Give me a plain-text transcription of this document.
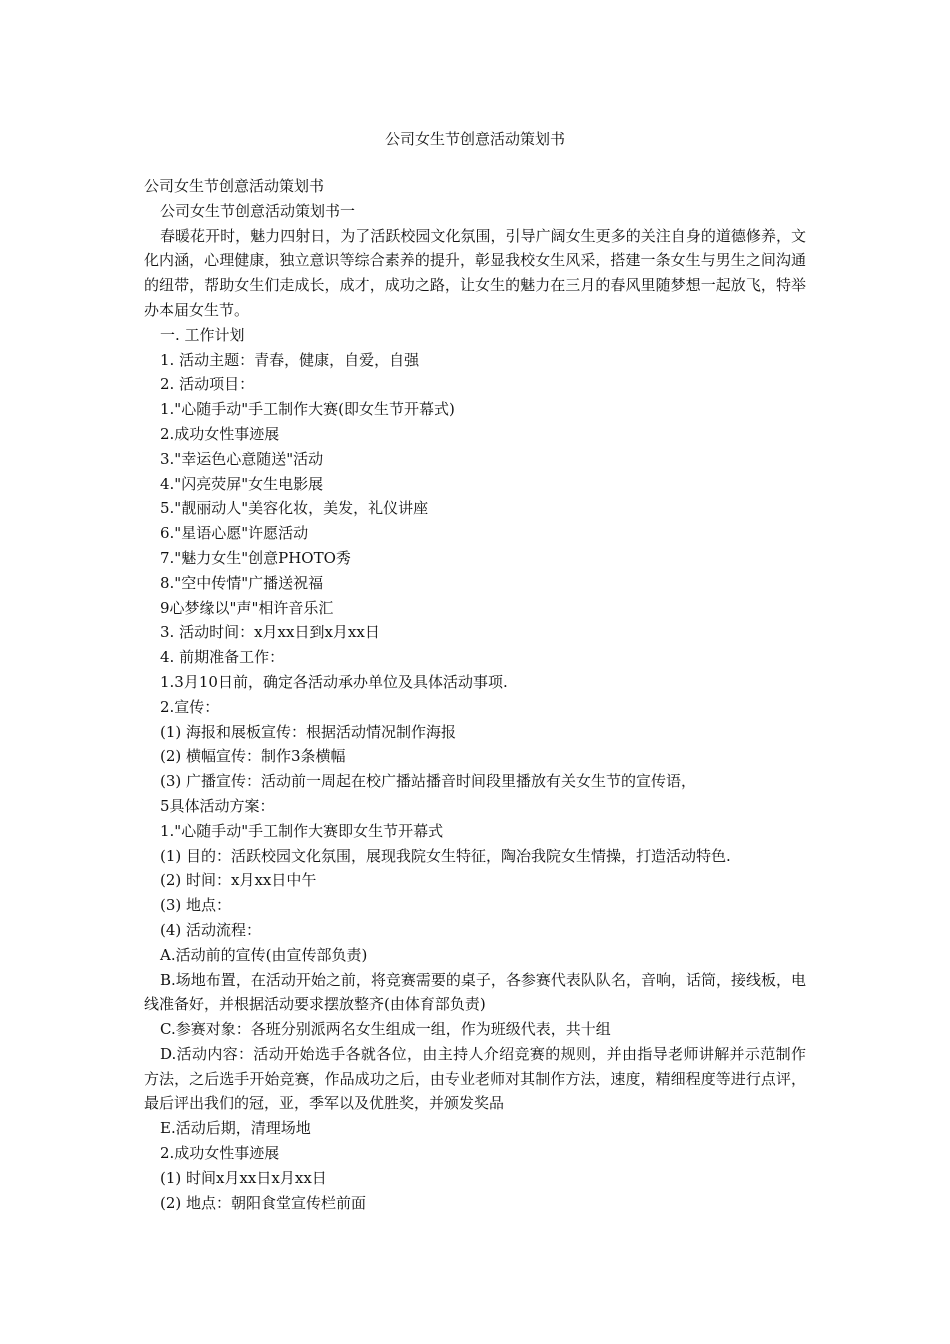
公司女生节创意活动策划书
公司女生节创意活动策划书
公司女生节创意活动策划书一
春暖花开时，魅力四射日，为了活跃校园文化氛围，引导广阔女生更多的关注自身的道德修养，文化内涵，心理健康，独立意识等综合素养的提升，彰显我校女生风采，搭建一条女生与男生之间沟通的纽带，帮助女生们走成长，成才，成功之路，让女生的魅力在三月的春风里随梦想一起放飞，特举办本届女生节。
一. 工作计划
1. 活动主题：青春，健康，自爱，自强
2. 活动项目：
1."心随手动"手工制作大赛(即女生节开幕式)
2.成功女性事迹展
3."幸运色心意随送"活动
4."闪亮荧屏"女生电影展
5."靓丽动人"美容化妆，美发，礼仪讲座
6."星语心愿"许愿活动
7."魅力女生"创意PHOTO秀
8."空中传情"广播送祝福
9心梦缘以"声"相许音乐汇
3. 活动时间：x月xx日到x月xx日
4. 前期准备工作：
1.3月10日前，确定各活动承办单位及具体活动事项.
2.宣传：
(1) 海报和展板宣传：根据活动情况制作海报
(2) 横幅宣传：制作3条横幅
(3) 广播宣传：活动前一周起在校广播站播音时间段里播放有关女生节的宣传语，
5具体活动方案：
1."心随手动"手工制作大赛即女生节开幕式
(1) 目的：活跃校园文化氛围，展现我院女生特征，陶冶我院女生情操，打造活动特色.
(2) 时间：x月xx日中午
(3) 地点：
(4) 活动流程：
A.活动前的宣传(由宣传部负责)
B.场地布置，在活动开始之前，将竞赛需要的桌子，各参赛代表队队名，音响，话筒，接线板，电线准备好，并根据活动要求摆放整齐(由体育部负责)
C.参赛对象：各班分别派两名女生组成一组，作为班级代表，共十组
D.活动内容：活动开始选手各就各位，由主持人介绍竞赛的规则，并由指导老师讲解并示范制作方法，之后选手开始竞赛，作品成功之后，由专业老师对其制作方法，速度，精细程度等进行点评，最后评出我们的冠，亚，季军以及优胜奖，并颁发奖品
E.活动后期，清理场地
2.成功女性事迹展
(1) 时间x月xx日x月xx日
(2) 地点：朝阳食堂宣传栏前面
